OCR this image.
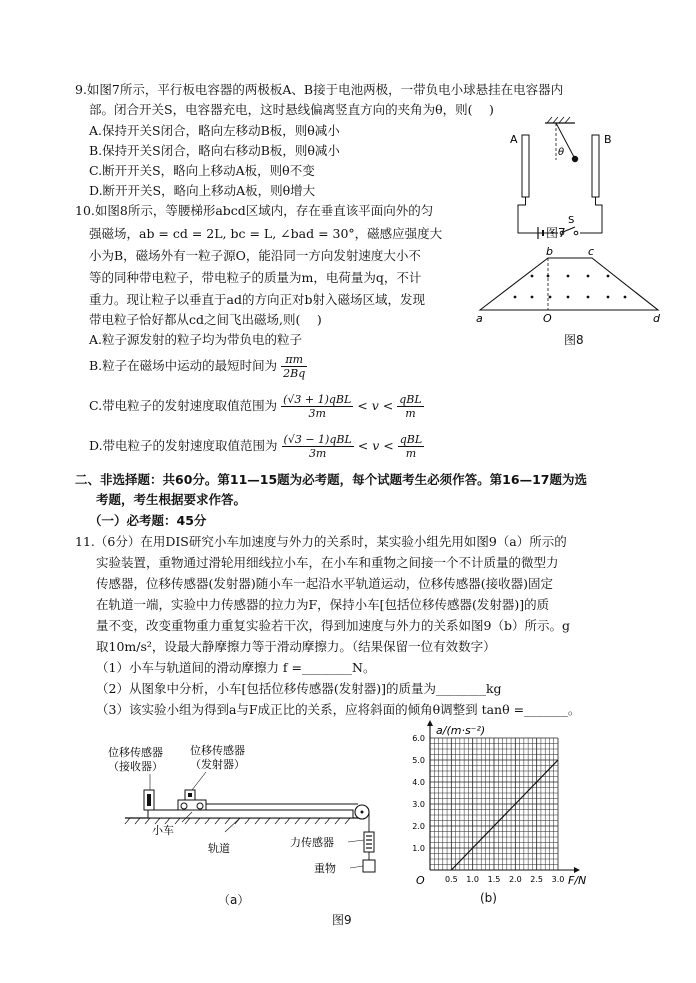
9.如图7所示，平行板电容器的两极板A、B接于电池两极，一带负电小球悬挂在电容器内
部。闭合开关S，电容器充电，这时悬线偏离竖直方向的夹角为θ，则(　 )
A.保持开关S闭合，略向左移动B板，则θ减小
B.保持开关S闭合，略向右移动B板，则θ减小
C.断开开关S，略向上移动A板，则θ不变
D.断开开关S，略向上移动A板，则θ增大
A	B
S
θ
图7
10.如图8所示，等腰梯形abcd区域内，存在垂直该平面向外的匀
强磁场，ab = cd = 2L, bc = L, ∠bad = 30°，磁感应强度大
小为B，磁场外有一粒子源O，能沿同一方向发射速度大小不
等的同种带电粒子，带电粒子的质量为m，电荷量为q，不计
重力。现让粒子以垂直于ad的方向正对b射入磁场区域，发现
带电粒子恰好都从cd之间飞出磁场,则(　 )
A.粒子源发射的粒子均为带负电的粒子
B.粒子在磁场中运动的最短时间为 $\frac{\pi m}{2Bq}$
C.带电粒子的发射速度取值范围为 $\frac{\text{(√3 + 1)qBL}}{3m} < v < \frac{\text{qBL}}{m}$
D.带电粒子的发射速度取值范围为 $\frac{\text{(√3 − 1)qBL}}{3m} < v < \frac{\text{qBL}}{m}$
b	c
a	d
O
图8
二、非选择题：共60分。第11—15题为必考题，每个试题考生必须作答。第16—17题为选
考题，考生根据要求作答。
（一）必考题：45分
11.（6分）在用DIS研究小车加速度与外力的关系时，某实验小组先用如图9（a）所示的
实验装置，重物通过滑轮用细线拉小车，在小车和重物之间接一个不计质量的微型力
传感器，位移传感器(发射器)随小车一起沿水平轨道运动，位移传感器(接收器)固定
在轨道一端，实验中力传感器的拉力为F，保持小车[包括位移传感器(发射器)]的质
量不变，改变重物重力重复实验若干次，得到加速度与外力的关系如图9（b）所示。g
取10m/s²，设最大静摩擦力等于滑动摩擦力。（结果保留一位有效数字）
（1）小车与轨道间的滑动摩擦力 f =________N。
（2）从图象中分析，小车[包括位移传感器(发射器)]的质量为________kg
（3）该实验小组为得到a与F成正比的关系，应将斜面的倾角θ调整到 tanθ =_______。
位移传感器
（接收器）
位移传感器
（发射器）
小车
轨道	力传感器
重物
（a）
0.5 1.0 1.5 2.0 2.5 3.0
1.0
2.0
3.0
4.0
5.0
6.0
a/(m·s⁻²)
F/N
O
(b)
图9
